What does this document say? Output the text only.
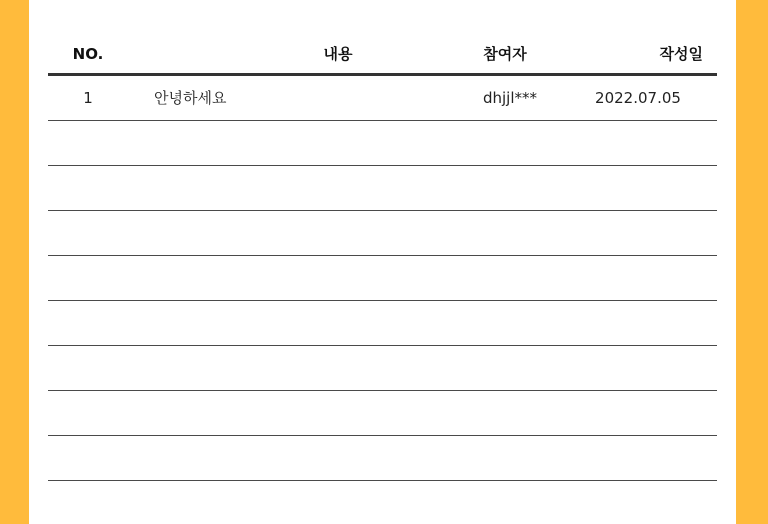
NO.	내용	참여자	작성일
1	안녕하세요	dhjjl***	2022.07.05
